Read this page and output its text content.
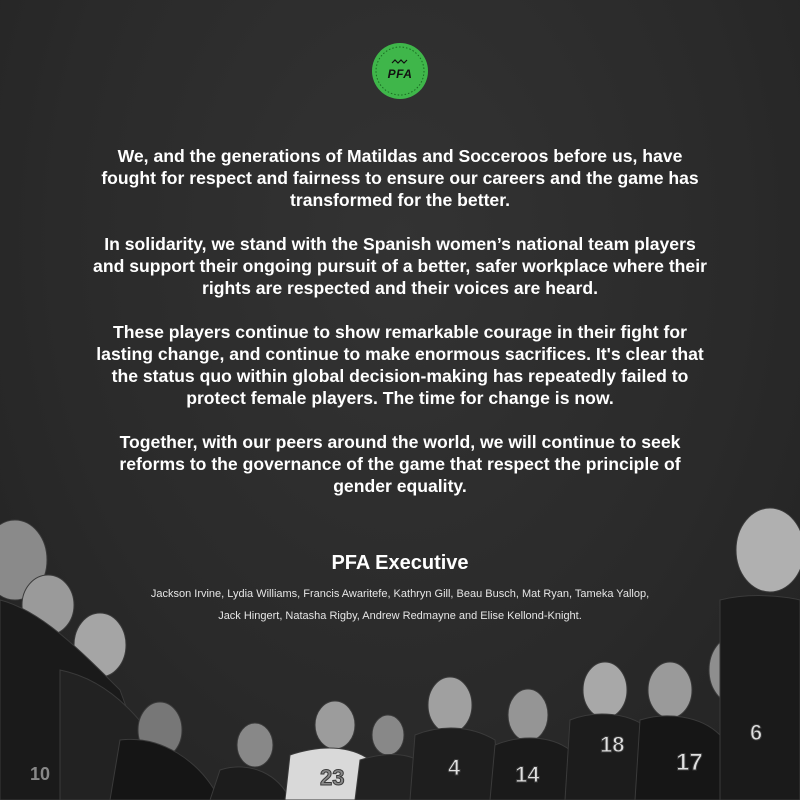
23	4 14
18
17
6
10
PFA

We, and the generations of Matildas and Socceroos before us, have fought for respect and fairness to ensure our careers and the game has transformed for the better.

In solidarity, we stand with the Spanish women’s national team players and support their ongoing pursuit of a better, safer workplace where their rights are respected and their voices are heard.

These players continue to show remarkable courage in their fight for lasting change, and continue to make enormous sacrifices. It's clear that the status quo within global decision-making has repeatedly failed to protect female players. The time for change is now.

Together, with our peers around the world, we will continue to seek reforms to the governance of the game that respect the principle of gender equality.

PFA Executive
Jackson Irvine, Lydia Williams, Francis Awaritefe, Kathryn Gill, Beau Busch, Mat Ryan, Tameka Yallop,
Jack Hingert, Natasha Rigby, Andrew Redmayne and Elise Kellond-Knight.
